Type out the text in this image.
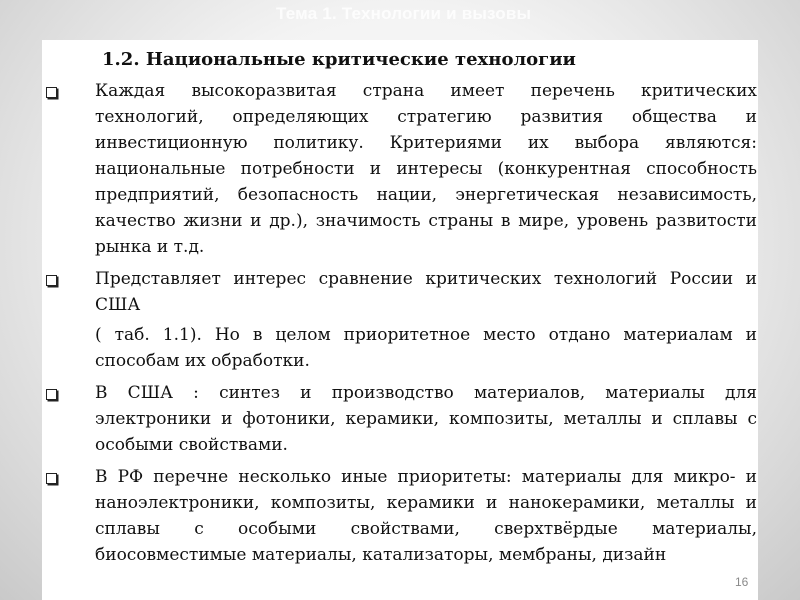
Тема 1. Технологии и вызовы
1.2. Национальные критические технологии
Каждая высокоразвитая страна имеет перечень критических
технологий, определяющих стратегию развития общества и
инвестиционную политику. Критериями их выбора являются:
национальные потребности и интересы (конкурентная способность
предприятий, безопасность нации, энергетическая независимость,
качество жизни и др.), значимость страны в мире, уровень развитости
рынка и т.д.
Представляет интерес сравнение критических технологий России и
США
( таб. 1.1). Но в целом приоритетное место отдано материалам и
способам их обработки.
В США : синтез и производство материалов, материалы для
электроники и фотоники, керамики, композиты, металлы и сплавы с
особыми свойствами.
В РФ перечне несколько иные приоритеты: материалы для микро- и
наноэлектроники, композиты, керамики и нанокерамики, металлы и
сплавы с особыми свойствами, сверхтвёрдые материалы,
биосовместимые материалы, катализаторы, мембраны, дизайн
16
